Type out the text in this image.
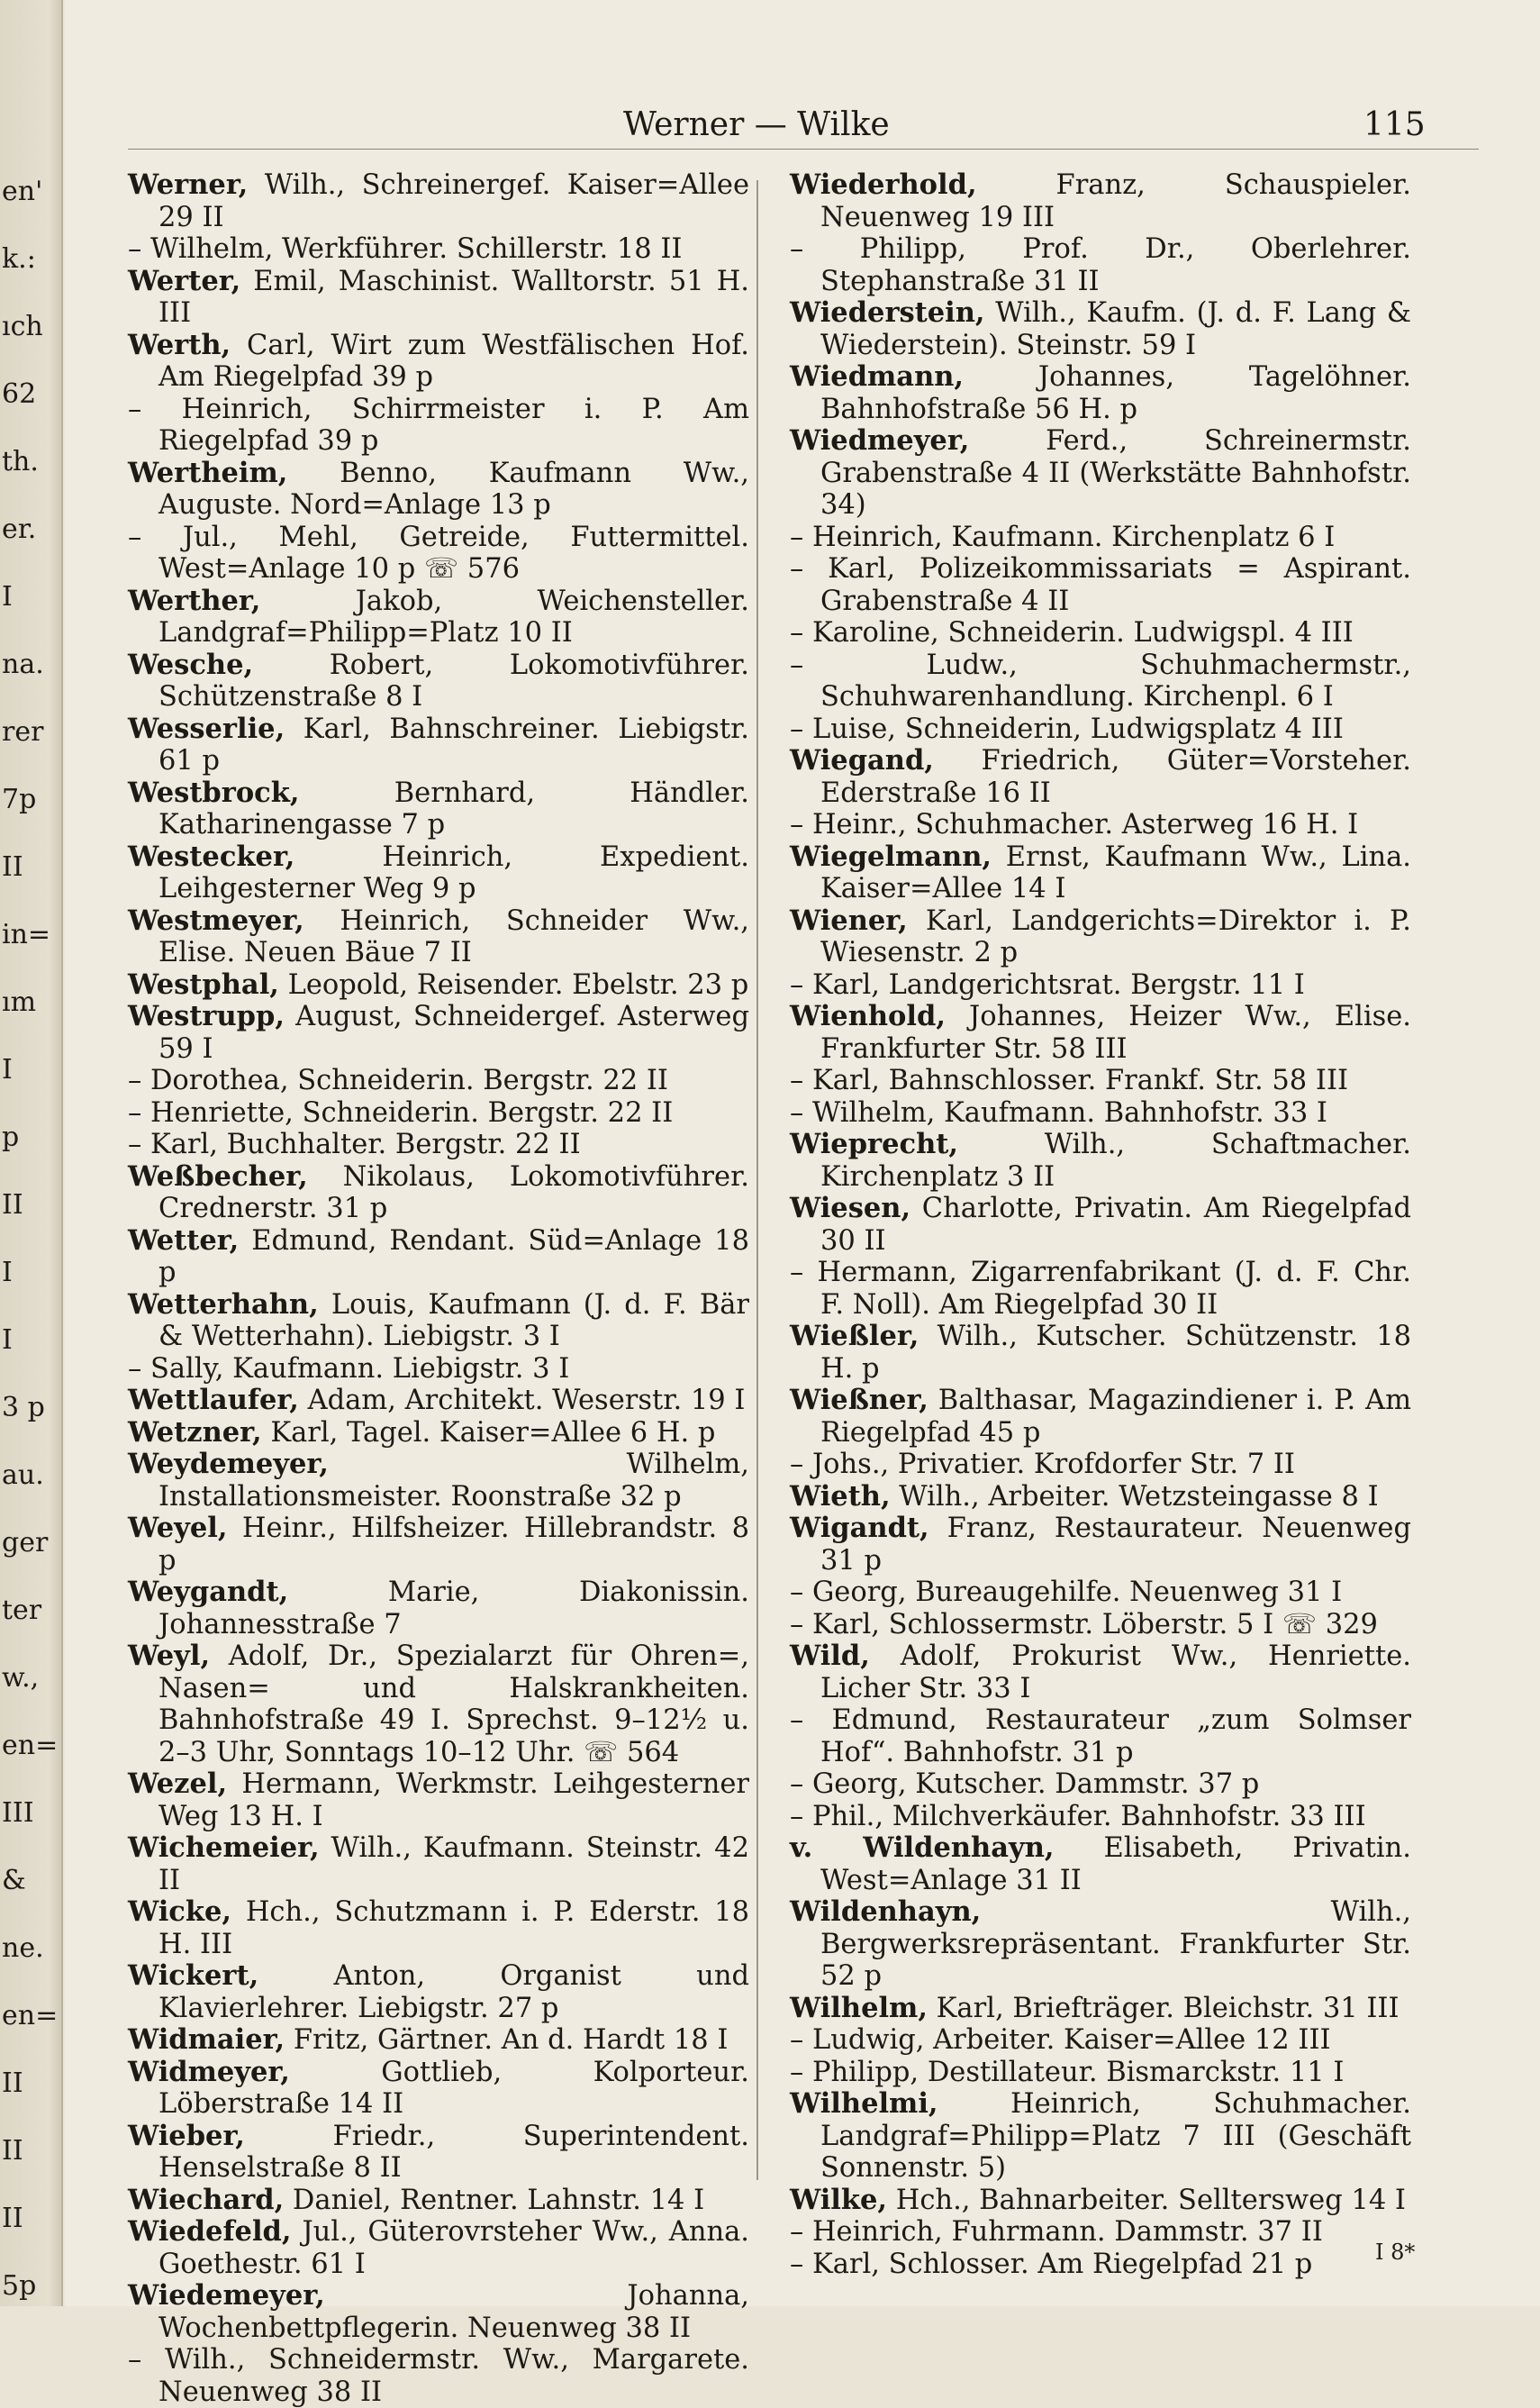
en'
k.:
ıch
62
th.
er.
I
na.
rer
7p
II
in=
ım
I
p
II
I
I
3 p
au.
ger
ter
w.,
en=
III
&
ne.
en=
II
II
II
5p
Werner — Wilke	115

Werner, Wilh., Schreinergef. Kaiser=Allee 29 II

– Wilhelm, Werkführer. Schillerstr. 18 II

Werter, Emil, Maschinist. Walltorstr. 51 H. III

Werth, Carl, Wirt zum Westfälischen Hof. Am Riegelpfad 39 p

– Heinrich, Schirrmeister i. P. Am Riegelpfad 39 p

Wertheim, Benno, Kaufmann Ww., Auguste. Nord=Anlage 13 p

– Jul., Mehl, Getreide, Futtermittel. West=Anlage 10 p ☏ 576

Werther, Jakob, Weichensteller. Landgraf=Philipp=Platz 10 II

Wesche, Robert, Lokomotivführer. Schützenstraße 8 I

Wesserlie, Karl, Bahnschreiner. Liebigstr. 61 p

Westbrock, Bernhard, Händler. Katharinengasse 7 p

Westecker, Heinrich, Expedient. Leihgesterner Weg 9 p

Westmeyer, Heinrich, Schneider Ww., Elise. Neuen Bäue 7 II

Westphal, Leopold, Reisender. Ebelstr. 23 p

Westrupp, August, Schneidergef. Asterweg 59 I

– Dorothea, Schneiderin. Bergstr. 22 II

– Henriette, Schneiderin. Bergstr. 22 II

– Karl, Buchhalter. Bergstr. 22 II

Weßbecher, Nikolaus, Lokomotivführer. Crednerstr. 31 p

Wetter, Edmund, Rendant. Süd=Anlage 18 p

Wetterhahn, Louis, Kaufmann (J. d. F. Bär & Wetterhahn). Liebigstr. 3 I

– Sally, Kaufmann. Liebigstr. 3 I

Wettlaufer, Adam, Architekt. Weserstr. 19 I

Wetzner, Karl, Tagel. Kaiser=Allee 6 H. p

Weydemeyer, Wilhelm, Installationsmeister. Roonstraße 32 p

Weyel, Heinr., Hilfsheizer. Hillebrandstr. 8 p

Weygandt, Marie, Diakonissin. Johannesstraße 7

Weyl, Adolf, Dr., Spezialarzt für Ohren=, Nasen= und Halskrankheiten. Bahnhofstraße 49 I. Sprechst. 9–12½ u. 2–3 Uhr, Sonntags 10–12 Uhr. ☏ 564

Wezel, Hermann, Werkmstr. Leihgesterner Weg 13 H. I

Wichemeier, Wilh., Kaufmann. Steinstr. 42 II

Wicke, Hch., Schutzmann i. P. Ederstr. 18 H. III

Wickert, Anton, Organist und Klavierlehrer. Liebigstr. 27 p

Widmaier, Fritz, Gärtner. An d. Hardt 18 I

Widmeyer, Gottlieb, Kolporteur. Löberstraße 14 II

Wieber, Friedr., Superintendent. Henselstraße 8 II

Wiechard, Daniel, Rentner. Lahnstr. 14 I

Wiedefeld, Jul., Güterovrsteher Ww., Anna. Goethestr. 61 I

Wiedemeyer, Johanna, Wochenbettpflegerin. Neuenweg 38 II

– Wilh., Schneidermstr. Ww., Margarete. Neuenweg 38 II

Wiederhold, Franz, Schauspieler. Neuenweg 19 III

– Philipp, Prof. Dr., Oberlehrer. Stephanstraße 31 II

Wiederstein, Wilh., Kaufm. (J. d. F. Lang & Wiederstein). Steinstr. 59 I

Wiedmann, Johannes, Tagelöhner. Bahnhofstraße 56 H. p

Wiedmeyer, Ferd., Schreinermstr. Grabenstraße 4 II (Werkstätte Bahnhofstr. 34)

– Heinrich, Kaufmann. Kirchenplatz 6 I

– Karl, Polizeikommissariats = Aspirant. Grabenstraße 4 II

– Karoline, Schneiderin. Ludwigspl. 4 III

– Ludw., Schuhmachermstr., Schuhwarenhandlung. Kirchenpl. 6 I

– Luise, Schneiderin, Ludwigsplatz 4 III

Wiegand, Friedrich, Güter=Vorsteher. Ederstraße 16 II

– Heinr., Schuhmacher. Asterweg 16 H. I

Wiegelmann, Ernst, Kaufmann Ww., Lina. Kaiser=Allee 14 I

Wiener, Karl, Landgerichts=Direktor i. P. Wiesenstr. 2 p

– Karl, Landgerichtsrat. Bergstr. 11 I

Wienhold, Johannes, Heizer Ww., Elise. Frankfurter Str. 58 III

– Karl, Bahnschlosser. Frankf. Str. 58 III

– Wilhelm, Kaufmann. Bahnhofstr. 33 I

Wieprecht, Wilh., Schaftmacher. Kirchenplatz 3 II

Wiesen, Charlotte, Privatin. Am Riegelpfad 30 II

– Hermann, Zigarrenfabrikant (J. d. F. Chr. F. Noll). Am Riegelpfad 30 II

Wießler, Wilh., Kutscher. Schützenstr. 18 H. p

Wießner, Balthasar, Magazindiener i. P. Am Riegelpfad 45 p

– Johs., Privatier. Krofdorfer Str. 7 II

Wieth, Wilh., Arbeiter. Wetzsteingasse 8 I

Wigandt, Franz, Restaurateur. Neuenweg 31 p

– Georg, Bureaugehilfe. Neuenweg 31 I

– Karl, Schlossermstr. Löberstr. 5 I ☏ 329

Wild, Adolf, Prokurist Ww., Henriette. Licher Str. 33 I

– Edmund, Restaurateur „zum Solmser Hof“. Bahnhofstr. 31 p

– Georg, Kutscher. Dammstr. 37 p

– Phil., Milchverkäufer. Bahnhofstr. 33 III

v. Wildenhayn, Elisabeth, Privatin. West=Anlage 31 II

Wildenhayn, Wilh., Bergwerksrepräsentant. Frankfurter Str. 52 p

Wilhelm, Karl, Briefträger. Bleichstr. 31 III

– Ludwig, Arbeiter. Kaiser=Allee 12 III

– Philipp, Destillateur. Bismarckstr. 11 I

Wilhelmi, Heinrich, Schuhmacher. Landgraf=Philipp=Platz 7 III (Geschäft Sonnenstr. 5)

Wilke, Hch., Bahnarbeiter. Selltersweg 14 I

– Heinrich, Fuhrmann. Dammstr. 37 II

– Karl, Schlosser. Am Riegelpfad 21 p	I 8*
